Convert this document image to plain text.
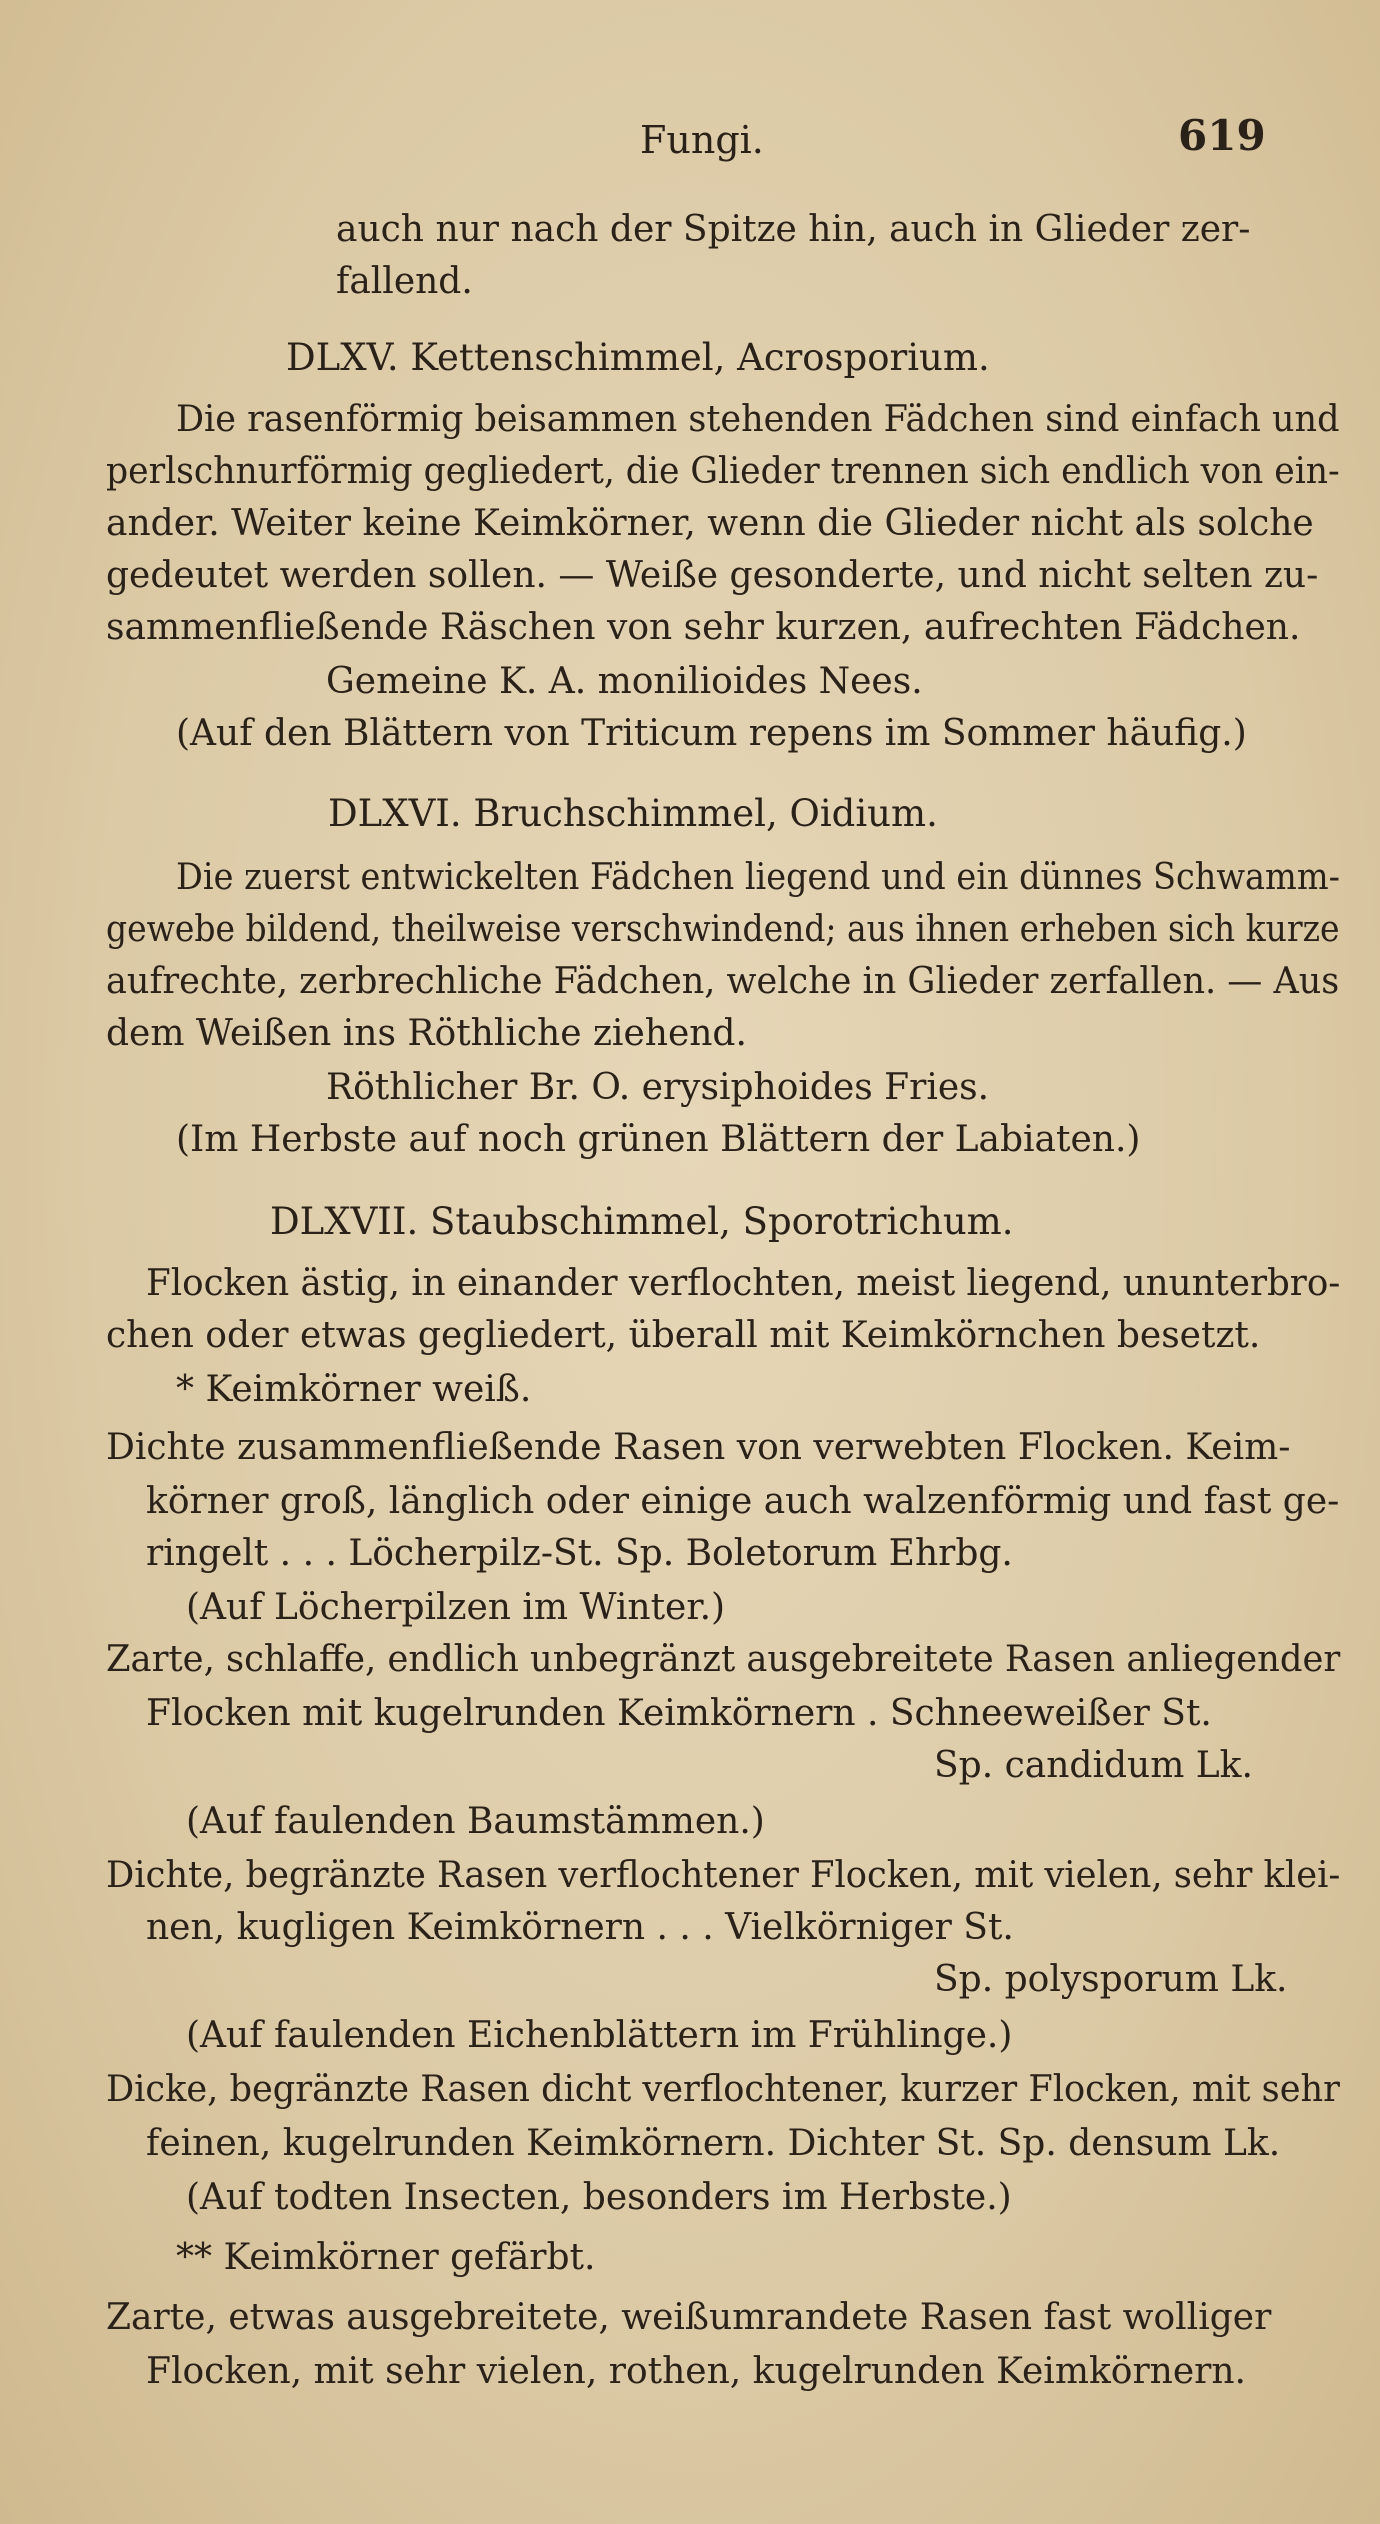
Fungi.	619
auch nur nach der Spitze hin, auch in Glieder zer-
fallend.
DLXV. Kettenschimmel, Acrosporium.
Die rasenförmig beisammen stehenden Fädchen sind einfach und
perlschnurförmig gegliedert, die Glieder trennen sich endlich von ein-
ander. Weiter keine Keimkörner, wenn die Glieder nicht als solche
gedeutet werden sollen. — Weiße gesonderte, und nicht selten zu-
sammenfließende Räschen von sehr kurzen, aufrechten Fädchen.
Gemeine K. A. monilioides Nees.
(Auf den Blättern von Triticum repens im Sommer häufig.)
DLXVI. Bruchschimmel, Oidium.
Die zuerst entwickelten Fädchen liegend und ein dünnes Schwamm-
gewebe bildend, theilweise verschwindend; aus ihnen erheben sich kurze
aufrechte, zerbrechliche Fädchen, welche in Glieder zerfallen. — Aus
dem Weißen ins Röthliche ziehend.
Röthlicher Br. O. erysiphoides Fries.
(Im Herbste auf noch grünen Blättern der Labiaten.)
DLXVII. Staubschimmel, Sporotrichum.
Flocken ästig, in einander verflochten, meist liegend, ununterbro-
chen oder etwas gegliedert, überall mit Keimkörnchen besetzt.
* Keimkörner weiß.
Dichte zusammenfließende Rasen von verwebten Flocken. Keim-
körner groß, länglich oder einige auch walzenförmig und fast ge-
ringelt . . . Löcherpilz-St. Sp. Boletorum Ehrbg.
(Auf Löcherpilzen im Winter.)
Zarte, schlaffe, endlich unbegränzt ausgebreitete Rasen anliegender
Flocken mit kugelrunden Keimkörnern . Schneeweißer St.
Sp. candidum Lk.
(Auf faulenden Baumstämmen.)
Dichte, begränzte Rasen verflochtener Flocken, mit vielen, sehr klei-
nen, kugligen Keimkörnern . . . Vielkörniger St.
Sp. polysporum Lk.
(Auf faulenden Eichenblättern im Frühlinge.)
Dicke, begränzte Rasen dicht verflochtener, kurzer Flocken, mit sehr
feinen, kugelrunden Keimkörnern. Dichter St. Sp. densum Lk.
(Auf todten Insecten, besonders im Herbste.)
** Keimkörner gefärbt.
Zarte, etwas ausgebreitete, weißumrandete Rasen fast wolliger
Flocken, mit sehr vielen, rothen, kugelrunden Keimkörnern.
